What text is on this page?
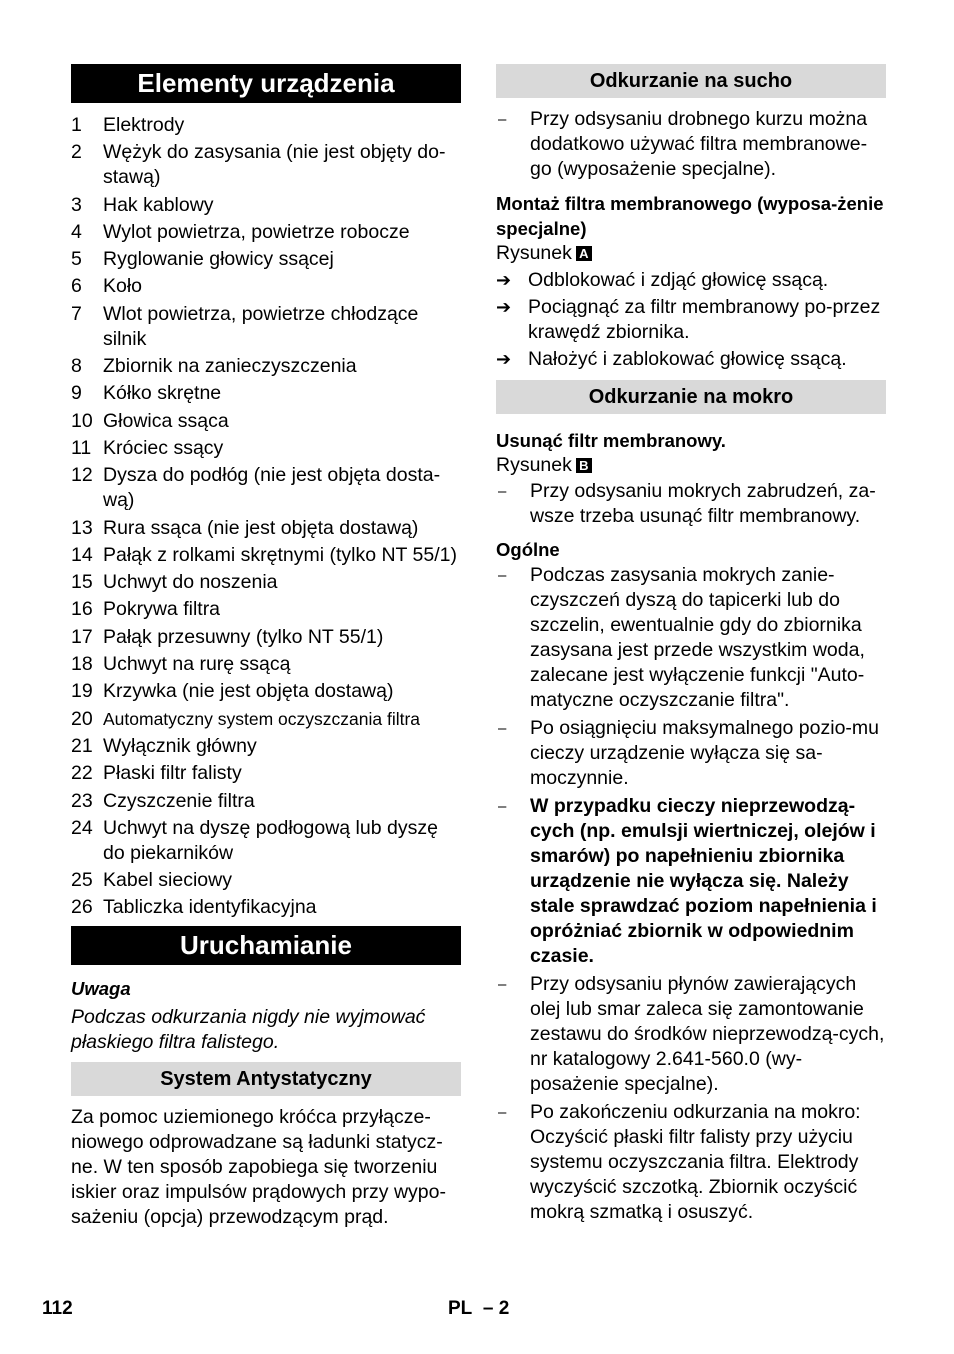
Elementy urządzenia
1	Elektrody
2	Wężyk do zasysania (nie jest objęty do-stawą)
3	Hak kablowy
4	Wylot powietrza, powietrze robocze
5	Ryglowanie głowicy ssącej
6	Koło
7	Wlot powietrza, powietrze chłodzące silnik
8	Zbiornik na zanieczyszczenia
9	Kółko skrętne
10 Głowica ssąca
11 Króciec ssący
12 Dysza do podłóg (nie jest objęta dosta-wą)
13 Rura ssąca (nie jest objęta dostawą)
14 Pałąk z rolkami skrętnymi (tylko NT 55/1)
15 Uchwyt do noszenia
16 Pokrywa filtra
17 Pałąk przesuwny (tylko NT 55/1)
18 Uchwyt na rurę ssącą
19 Krzywka (nie jest objęta dostawą)
20 Automatyczny system oczyszczania filtra
21 Wyłącznik główny
22 Płaski filtr falisty
23 Czyszczenie filtra
24 Uchwyt na dyszę podłogową lub dyszę do piekarników
25 Kabel sieciowy
26 Tabliczka identyfikacyjna
Uruchamianie
Uwaga
Podczas odkurzania nigdy nie wyjmować płaskiego filtra falistego.
System Antystatyczny
Za pomoc uziemionego króćca przyłącze-niowego odprowadzane są ładunki statycz-ne. W ten sposób zapobiega się tworzeniu iskier oraz impulsów prądowych przy wypo-sażeniu (opcja) przewodzącym prąd.
Odkurzanie na sucho
–	Przy odsysaniu drobnego kurzu można dodatkowo używać filtra membranowe-go (wyposażenie specjalne).
Montaż filtra membranowego (wyposa-żenie specjalne)
Rysunek A
➔ Odblokować i zdjąć głowicę ssącą.
➔ Pociągnąć za filtr membranowy po-przez krawędź zbiornika.
➔ Nałożyć i zablokować głowicę ssącą.
Odkurzanie na mokro
Usunąć filtr membranowy.
Rysunek B
–	Przy odsysaniu mokrych zabrudzeń, za-wsze trzeba usunąć filtr membranowy.
Ogólne
–	Podczas zasysania mokrych zanie-czyszczeń dyszą do tapicerki lub do szczelin, ewentualnie gdy do zbiornika zasysana jest przede wszystkim woda, zalecane jest wyłączenie funkcji "Auto-matyczne oczyszczanie filtra".
–	Po osiągnięciu maksymalnego pozio-mu cieczy urządzenie wyłącza się sa-moczynnie.
–	W przypadku cieczy nieprzewodzą-cych (np. emulsji wiertniczej, olejów i smarów) po napełnieniu zbiornika urządzenie nie wyłącza się. Należy stale sprawdzać poziom napełnienia i opróżniać zbiornik w odpowiednim czasie.
–	Przy odsysaniu płynów zawierających olej lub smar zaleca się zamontowanie zestawu do środków nieprzewodzą-cych, nr katalogowy 2.641-560.0 (wy-posażenie specjalne).
–	Po zakończeniu odkurzania na mokro: Oczyścić płaski filtr falisty przy użyciu systemu oczyszczania filtra. Elektrody wyczyścić szczotką. Zbiornik oczyścić mokrą szmatką i osuszyć.
112	PL – 2
